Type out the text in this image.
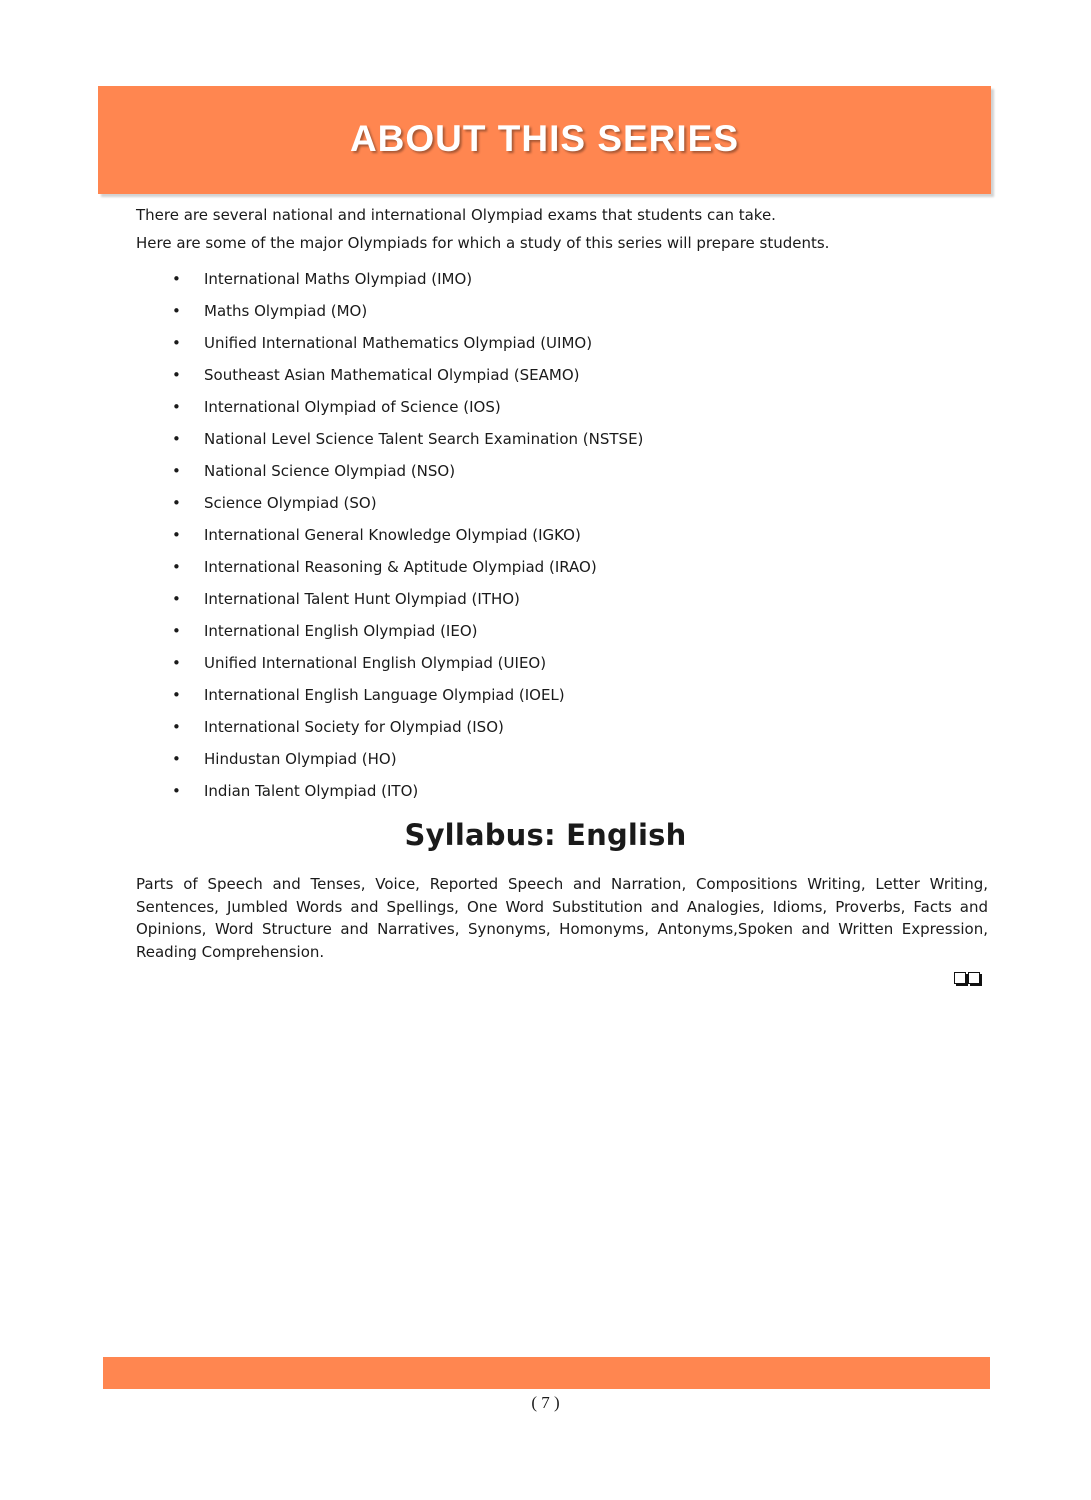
ABOUT THIS SERIES

There are several national and international Olympiad exams that students can take.

Here are some of the major Olympiads for which a study of this series will prepare students.

• International Maths Olympiad (IMO)
• Maths Olympiad (MO)
• Unified International Mathematics Olympiad (UIMO)
• Southeast Asian Mathematical Olympiad (SEAMO)
• International Olympiad of Science (IOS)
• National Level Science Talent Search Examination (NSTSE)
• National Science Olympiad (NSO)
• Science Olympiad (SO)
• International General Knowledge Olympiad (IGKO)
• International Reasoning & Aptitude Olympiad (IRAO)
• International Talent Hunt Olympiad (ITHO)
• International English Olympiad (IEO)
• Unified International English Olympiad (UIEO)
• International English Language Olympiad (IOEL)
• International Society for Olympiad (ISO)
• Hindustan Olympiad (HO)
• Indian Talent Olympiad (ITO)
Syllabus: English

Parts of Speech and Tenses, Voice, Reported Speech and Narration, Compositions Writing, Letter Writing, Sentences, Jumbled Words and Spellings, One Word Substitution and Analogies, Idioms, Proverbs, Facts and Opinions, Word Structure and Narratives, Synonyms, Homonyms, Antonyms,Spoken and Written Expression, Reading Comprehension.

( 7 )
